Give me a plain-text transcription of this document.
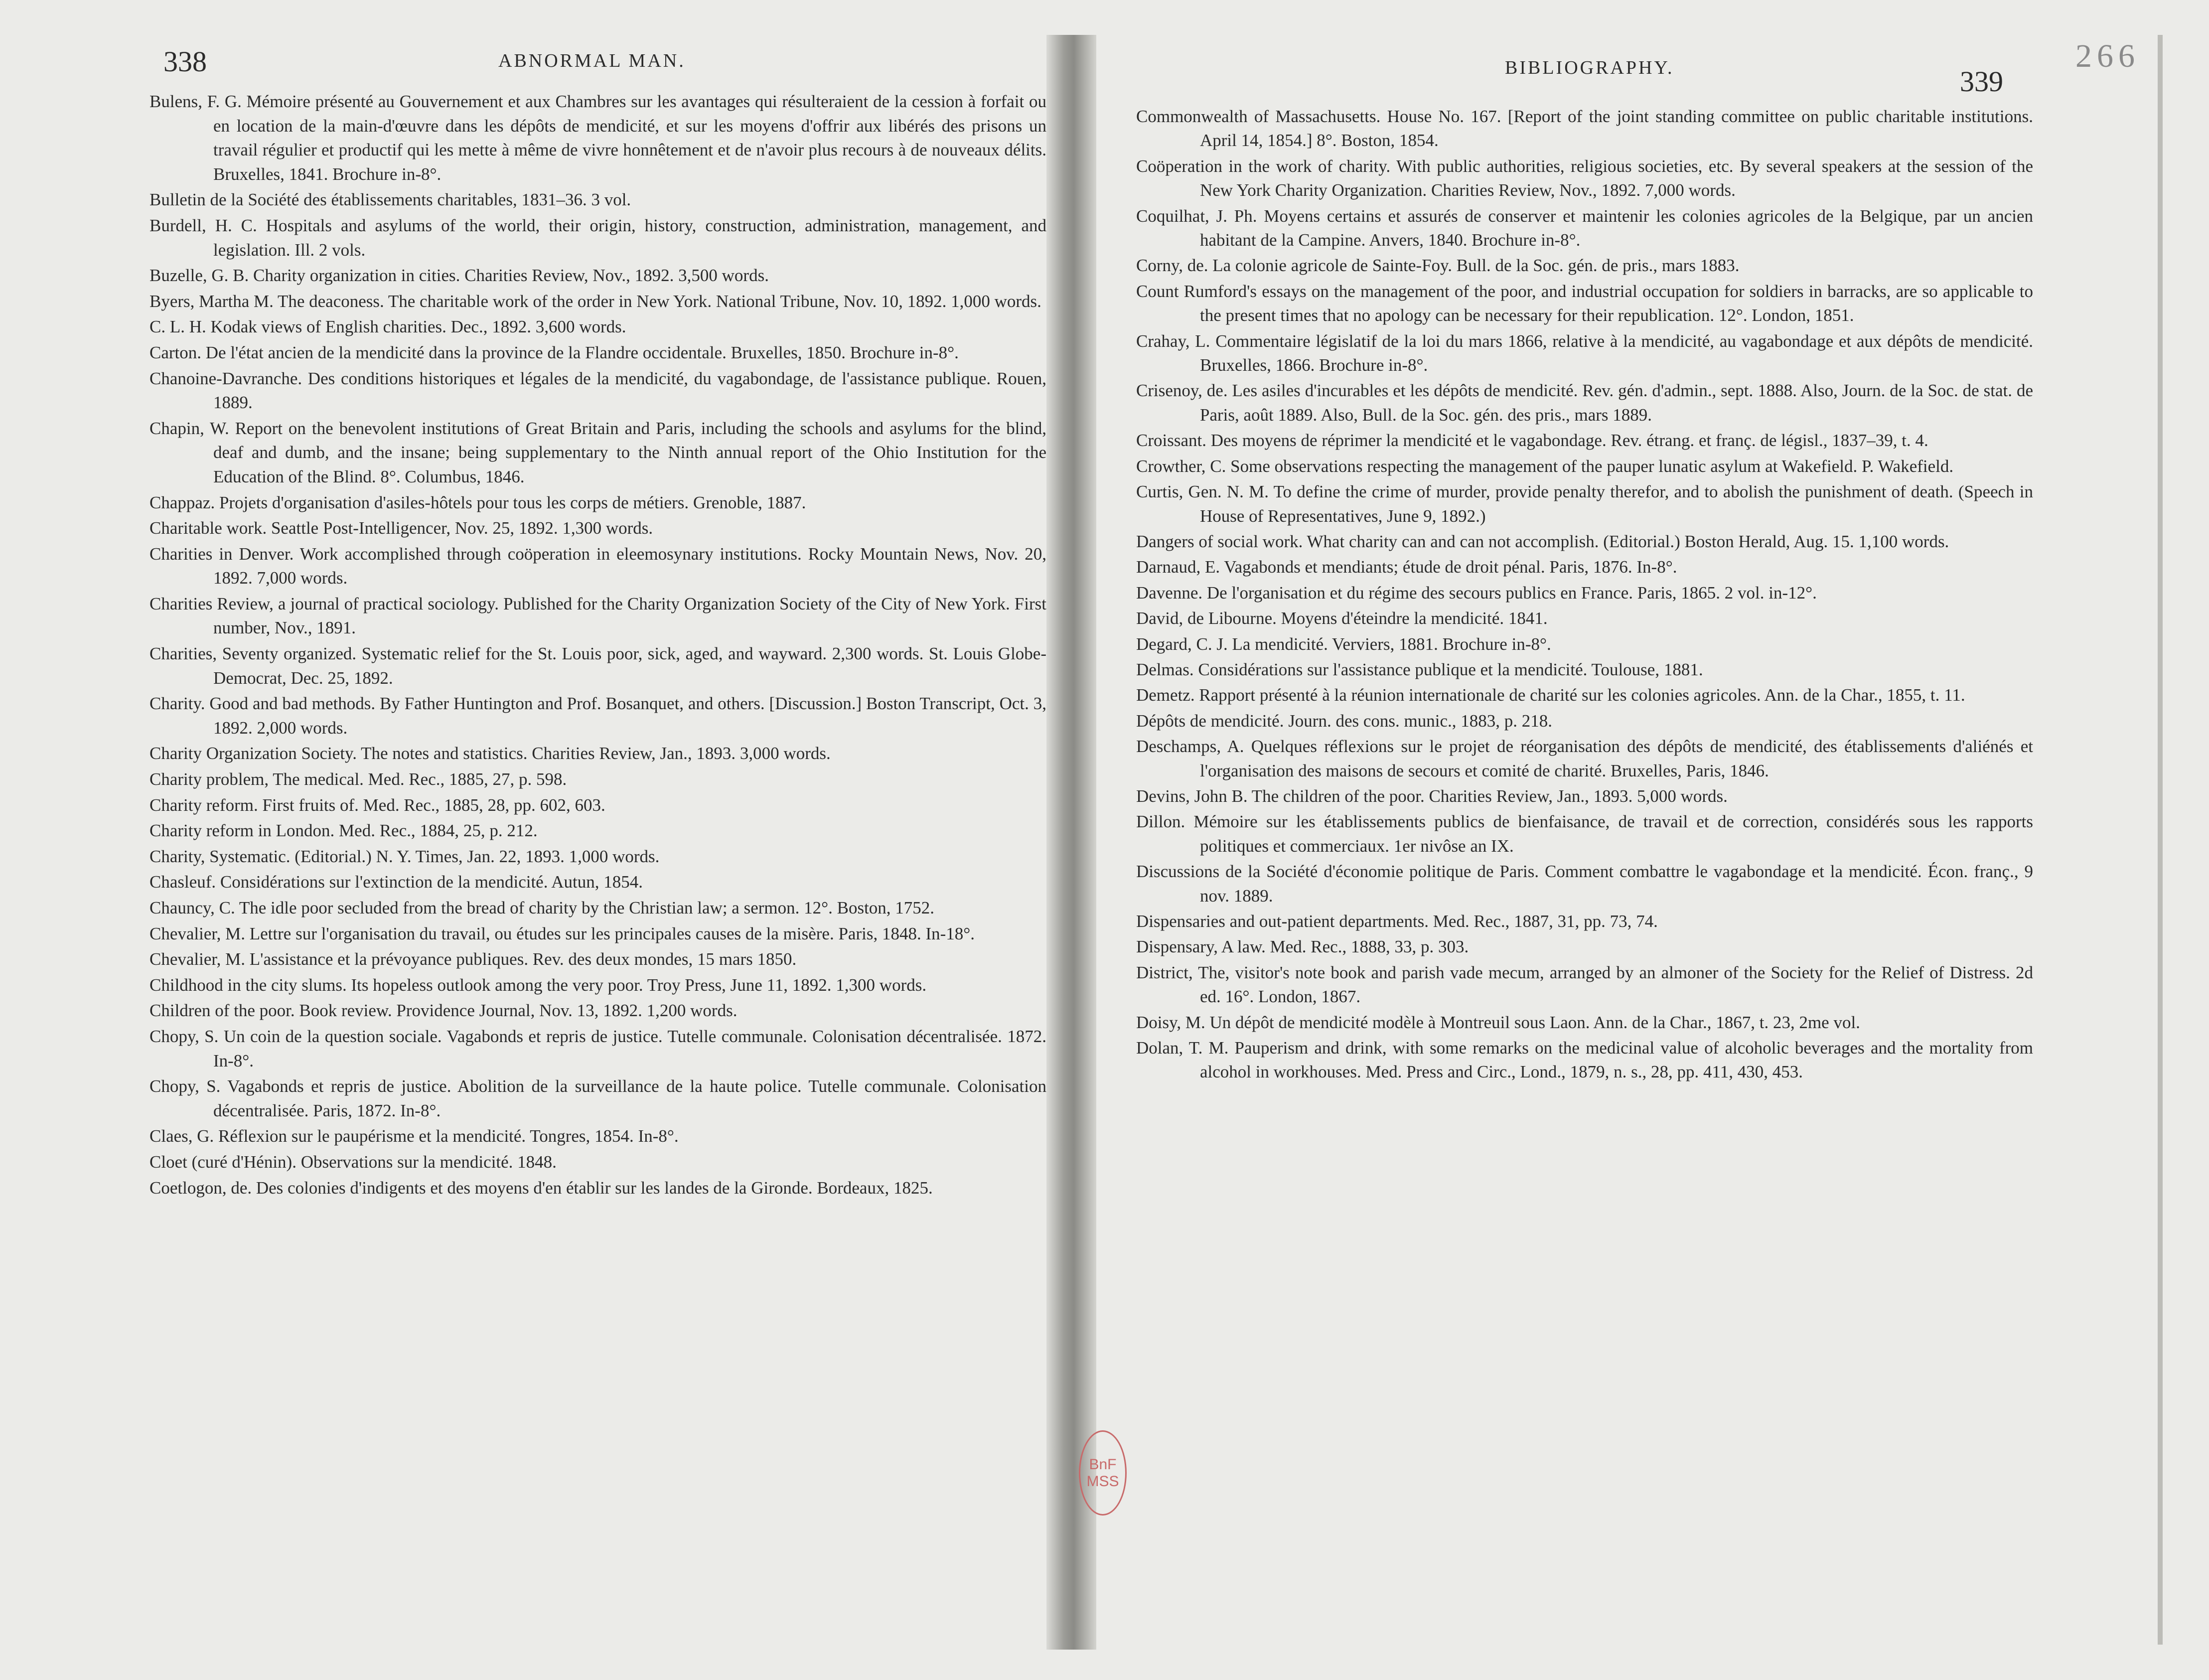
266
338	ABNORMAL MAN.

Bulens, F. G. Mémoire présenté au Gouvernement et aux Chambres sur les avantages qui résulteraient de la cession à forfait ou en location de la main-d'œuvre dans les dépôts de mendicité, et sur les moyens d'offrir aux libérés des prisons un travail régulier et productif qui les mette à même de vivre honnêtement et de n'avoir plus recours à de nouveaux délits. Bruxelles, 1841. Brochure in-8°.

Bulletin de la Société des établissements charitables, 1831–36. 3 vol.

Burdell, H. C. Hospitals and asylums of the world, their origin, history, construction, administration, management, and legislation. Ill. 2 vols.

Buzelle, G. B. Charity organization in cities. Charities Review, Nov., 1892. 3,500 words.

Byers, Martha M. The deaconess. The charitable work of the order in New York. National Tribune, Nov. 10, 1892. 1,000 words.

C. L. H. Kodak views of English charities. Dec., 1892. 3,600 words.

Carton. De l'état ancien de la mendicité dans la province de la Flandre occidentale. Bruxelles, 1850. Brochure in-8°.

Chanoine-Davranche. Des conditions historiques et légales de la mendicité, du vagabondage, de l'assistance publique. Rouen, 1889.

Chapin, W. Report on the benevolent institutions of Great Britain and Paris, including the schools and asylums for the blind, deaf and dumb, and the insane; being supplementary to the Ninth annual report of the Ohio Institution for the Education of the Blind. 8°. Columbus, 1846.

Chappaz. Projets d'organisation d'asiles-hôtels pour tous les corps de métiers. Grenoble, 1887.

Charitable work. Seattle Post-Intelligencer, Nov. 25, 1892. 1,300 words.

Charities in Denver. Work accomplished through coöperation in eleemosynary institutions. Rocky Mountain News, Nov. 20, 1892. 7,000 words.

Charities Review, a journal of practical sociology. Published for the Charity Organization Society of the City of New York. First number, Nov., 1891.

Charities, Seventy organized. Systematic relief for the St. Louis poor, sick, aged, and wayward. 2,300 words. St. Louis Globe-Democrat, Dec. 25, 1892.

Charity. Good and bad methods. By Father Huntington and Prof. Bosanquet, and others. [Discussion.] Boston Transcript, Oct. 3, 1892. 2,000 words.

Charity Organization Society. The notes and statistics. Charities Review, Jan., 1893. 3,000 words.

Charity problem, The medical. Med. Rec., 1885, 27, p. 598.

Charity reform. First fruits of. Med. Rec., 1885, 28, pp. 602, 603.

Charity reform in London. Med. Rec., 1884, 25, p. 212.

Charity, Systematic. (Editorial.) N. Y. Times, Jan. 22, 1893. 1,000 words.

Chasleuf. Considérations sur l'extinction de la mendicité. Autun, 1854.

Chauncy, C. The idle poor secluded from the bread of charity by the Christian law; a sermon. 12°. Boston, 1752.

Chevalier, M. Lettre sur l'organisation du travail, ou études sur les principales causes de la misère. Paris, 1848. In-18°.

Chevalier, M. L'assistance et la prévoyance publiques. Rev. des deux mondes, 15 mars 1850.

Childhood in the city slums. Its hopeless outlook among the very poor. Troy Press, June 11, 1892. 1,300 words.

Children of the poor. Book review. Providence Journal, Nov. 13, 1892. 1,200 words.

Chopy, S. Un coin de la question sociale. Vagabonds et repris de justice. Tutelle communale. Colonisation décentralisée. 1872. In-8°.

Chopy, S. Vagabonds et repris de justice. Abolition de la surveillance de la haute police. Tutelle communale. Colonisation décentralisée. Paris, 1872. In-8°.

Claes, G. Réflexion sur le paupérisme et la mendicité. Tongres, 1854. In-8°.

Cloet (curé d'Hénin). Observations sur la mendicité. 1848.

Coetlogon, de. Des colonies d'indigents et des moyens d'en établir sur les landes de la Gironde. Bordeaux, 1825.

BIBLIOGRAPHY.	339

Commonwealth of Massachusetts. House No. 167. [Report of the joint standing committee on public charitable institutions. April 14, 1854.] 8°. Boston, 1854.

Coöperation in the work of charity. With public authorities, religious societies, etc. By several speakers at the session of the New York Charity Organization. Charities Review, Nov., 1892. 7,000 words.

Coquilhat, J. Ph. Moyens certains et assurés de conserver et maintenir les colonies agricoles de la Belgique, par un ancien habitant de la Campine. Anvers, 1840. Brochure in-8°.

Corny, de. La colonie agricole de Sainte-Foy. Bull. de la Soc. gén. de pris., mars 1883.

Count Rumford's essays on the management of the poor, and industrial occupation for soldiers in barracks, are so applicable to the present times that no apology can be necessary for their republication. 12°. London, 1851.

Crahay, L. Commentaire législatif de la loi du mars 1866, relative à la mendicité, au vagabondage et aux dépôts de mendicité. Bruxelles, 1866. Brochure in-8°.

Crisenoy, de. Les asiles d'incurables et les dépôts de mendicité. Rev. gén. d'admin., sept. 1888. Also, Journ. de la Soc. de stat. de Paris, août 1889. Also, Bull. de la Soc. gén. des pris., mars 1889.

Croissant. Des moyens de réprimer la mendicité et le vagabondage. Rev. étrang. et franç. de législ., 1837–39, t. 4.

Crowther, C. Some observations respecting the management of the pauper lunatic asylum at Wakefield. P. Wakefield.

Curtis, Gen. N. M. To define the crime of murder, provide penalty therefor, and to abolish the punishment of death. (Speech in House of Representatives, June 9, 1892.)

Dangers of social work. What charity can and can not accomplish. (Editorial.) Boston Herald, Aug. 15. 1,100 words.

Darnaud, E. Vagabonds et mendiants; étude de droit pénal. Paris, 1876. In-8°.

Davenne. De l'organisation et du régime des secours publics en France. Paris, 1865. 2 vol. in-12°.

David, de Libourne. Moyens d'éteindre la mendicité. 1841.

Degard, C. J. La mendicité. Verviers, 1881. Brochure in-8°.

Delmas. Considérations sur l'assistance publique et la mendicité. Toulouse, 1881.

Demetz. Rapport présenté à la réunion internationale de charité sur les colonies agricoles. Ann. de la Char., 1855, t. 11.

Dépôts de mendicité. Journ. des cons. munic., 1883, p. 218.

Deschamps, A. Quelques réflexions sur le projet de réorganisation des dépôts de mendicité, des établissements d'aliénés et l'organisation des maisons de secours et comité de charité. Bruxelles, Paris, 1846.

Devins, John B. The children of the poor. Charities Review, Jan., 1893. 5,000 words.

Dillon. Mémoire sur les établissements publics de bienfaisance, de travail et de correction, considérés sous les rapports politiques et commerciaux. 1er nivôse an IX.

Discussions de la Société d'économie politique de Paris. Comment combattre le vagabondage et la mendicité. Écon. franç., 9 nov. 1889.

Dispensaries and out-patient departments. Med. Rec., 1887, 31, pp. 73, 74.

Dispensary, A law. Med. Rec., 1888, 33, p. 303.

District, The, visitor's note book and parish vade mecum, arranged by an almoner of the Society for the Relief of Distress. 2d ed. 16°. London, 1867.

Doisy, M. Un dépôt de mendicité modèle à Montreuil sous Laon. Ann. de la Char., 1867, t. 23, 2me vol.

Dolan, T. M. Pauperism and drink, with some remarks on the medicinal value of alcoholic beverages and the mortality from alcohol in workhouses. Med. Press and Circ., Lond., 1879, n. s., 28, pp. 411, 430, 453.

BnF
MSS
